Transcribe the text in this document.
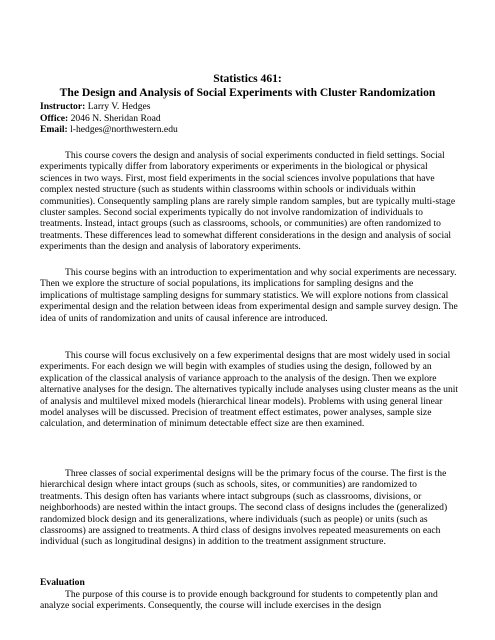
Statistics 461:
The Design and Analysis of Social Experiments with Cluster Randomization
Instructor: Larry V. Hedges
Office: 2046 N. Sheridan Road
Email: l-hedges@northwestern.edu

This course covers the design and analysis of social experiments conducted in field settings. Social experiments typically differ from laboratory experiments or experiments in the biological or physical sciences in two ways. First, most field experiments in the social sciences involve populations that have complex nested structure (such as students within classrooms within schools or individuals within communities). Consequently sampling plans are rarely simple random samples, but are typically multi-stage cluster samples. Second social experiments typically do not involve randomization of individuals to treatments. Instead, intact groups (such as classrooms, schools, or communities) are often randomized to treatments. These differences lead to somewhat different considerations in the design and analysis of social experiments than the design and analysis of laboratory experiments.

This course begins with an introduction to experimentation and why social experiments are necessary. Then we explore the structure of social populations, its implications for sampling designs and the implications of multistage sampling designs for summary statistics. We will explore notions from classical experimental design and the relation between ideas from experimental design and sample survey design. The idea of units of randomization and units of causal inference are introduced.

This course will focus exclusively on a few experimental designs that are most widely used in social experiments. For each design we will begin with examples of studies using the design, followed by an explication of the classical analysis of variance approach to the analysis of the design. Then we explore alternative analyses for the design. The alternatives typically include analyses using cluster means as the unit of analysis and multilevel mixed models (hierarchical linear models). Problems with using general linear model analyses will be discussed. Precision of treatment effect estimates, power analyses, sample size calculation, and determination of minimum detectable effect size are then examined.

Three classes of social experimental designs will be the primary focus of the course. The first is the hierarchical design where intact groups (such as schools, sites, or communities) are randomized to treatments. This design often has variants where intact subgroups (such as classrooms, divisions, or neighborhoods) are nested within the intact groups. The second class of designs includes the (generalized) randomized block design and its generalizations, where individuals (such as people) or units (such as classrooms) are assigned to treatments. A third class of designs involves repeated measurements on each individual (such as longitudinal designs) in addition to the treatment assignment structure.

Evaluation

The purpose of this course is to provide enough background for students to competently plan and analyze social experiments. Consequently, the course will include exercises in the design
